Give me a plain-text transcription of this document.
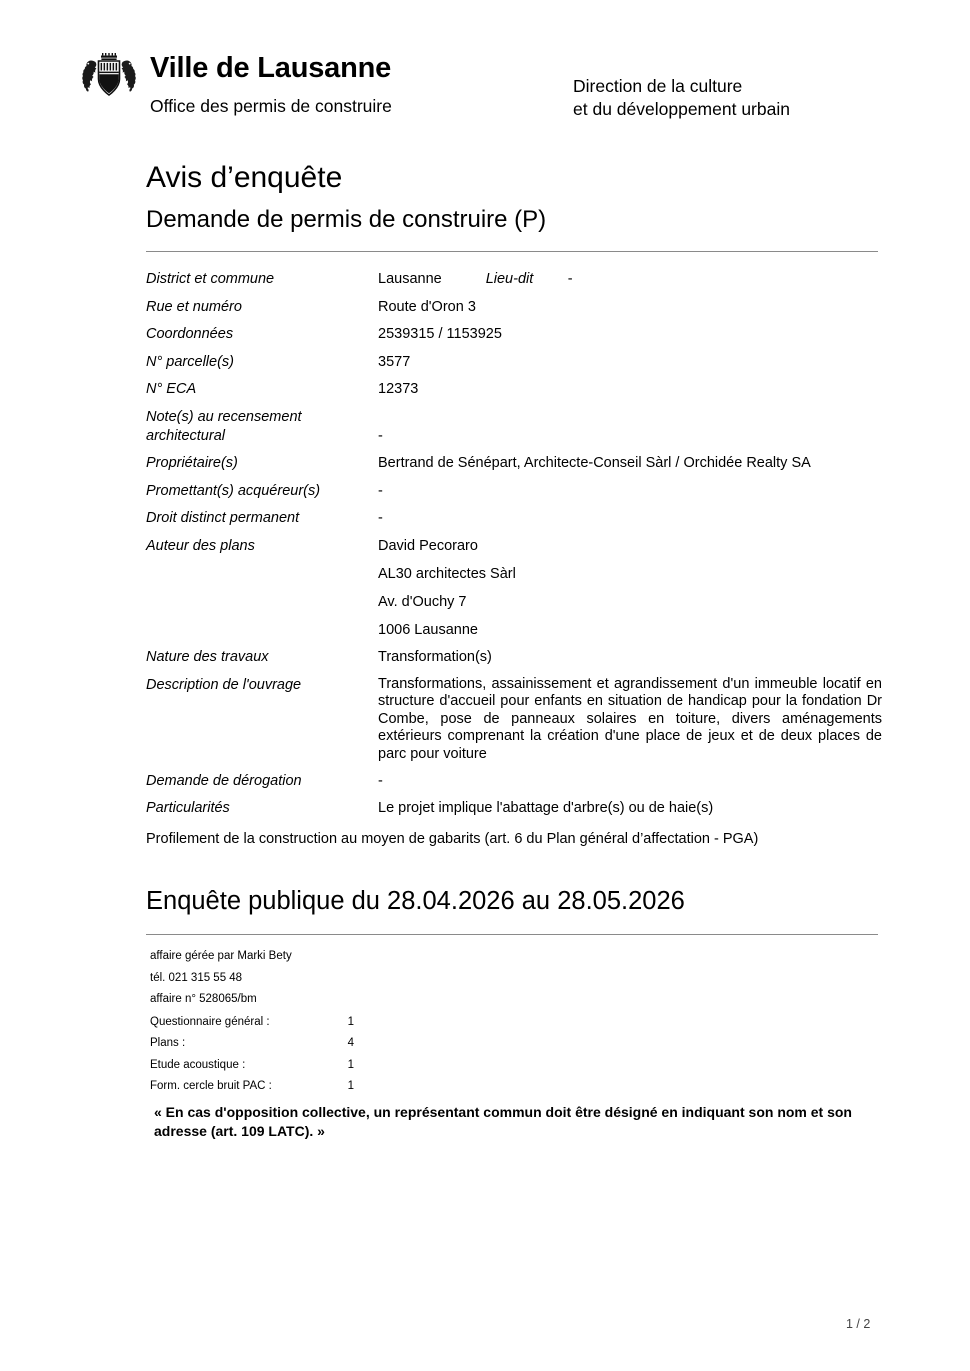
Ville de Lausanne
Office des permis de construire
Direction de la culture
et du développement urbain
Avis d’enquête
Demande de permis de construire (P)
District et commune	Lausanne	Lieu-dit -
Rue et numéro	Route d'Oron 3
Coordonnées	2539315 / 1153925
N° parcelle(s)	3577
N° ECA	12373
Note(s) au recensement
architectural	-
Propriétaire(s)	Bertrand de Sénépart, Architecte-Conseil Sàrl / Orchidée Realty SA
Promettant(s) acquéreur(s)	-
Droit distinct permanent	-
Auteur des plans	David Pecoraro
AL30 architectes Sàrl
Av. d'Ouchy 7
1006 Lausanne
Nature des travaux	Transformation(s)
Description de l'ouvrage	Transformations, assainissement et agrandissement d'un immeuble locatif en structure d'accueil pour enfants en situation de handicap pour la fondation Dr Combe, pose de panneaux solaires en toiture, divers aménagements extérieurs comprenant la création d'une place de jeux et de deux places de parc pour voiture
Demande de dérogation	-
Particularités	Le projet implique l'abattage d'arbre(s) ou de haie(s)
Profilement de la construction au moyen de gabarits (art. 6 du Plan général d’affectation - PGA)
Enquête publique du 28.04.2026 au 28.05.2026
affaire gérée par Marki Bety
tél. 021 315 55 48
affaire n° 528065/bm
Questionnaire général :	1
Plans :	4
Etude acoustique :	1
Form. cercle bruit PAC :	1
« En cas d'opposition collective, un représentant commun doit être désigné en indiquant son nom et son adresse (art. 109 LATC). »
1 / 2
